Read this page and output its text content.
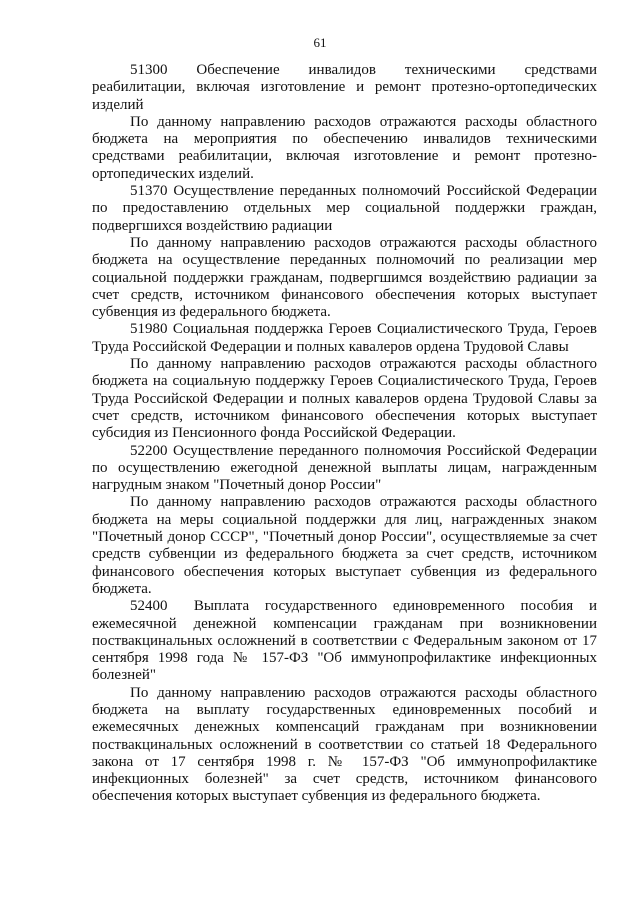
61

51300     Обеспечение     инвалидов     техническими     средствами реабилитации, включая изготовление и ремонт протезно-ортопедических изделий

По данному направлению расходов отражаются расходы областного бюджета на мероприятия по обеспечению инвалидов техническими средствами реабилитации, включая изготовление и ремонт протезно-ортопедических изделий.

51370 Осуществление переданных полномочий Российской Федерации по предоставлению отдельных мер социальной поддержки граждан, подвергшихся воздействию радиации

По данному направлению расходов отражаются расходы областного бюджета на осуществление переданных полномочий по реализации мер социальной поддержки гражданам, подвергшимся воздействию радиации за счет средств, источником финансового обеспечения которых выступает субвенция из федерального бюджета.

51980 Социальная поддержка Героев Социалистического Труда, Героев Труда Российской Федерации и полных кавалеров ордена Трудовой Славы

По данному направлению расходов отражаются расходы областного бюджета на социальную поддержку Героев Социалистического Труда, Героев Труда Российской Федерации и полных кавалеров ордена Трудовой Славы за счет средств, источником финансового обеспечения которых выступает субсидия из Пенсионного фонда Российской Федерации.

52200 Осуществление переданного полномочия Российской Федерации по осуществлению ежегодной денежной выплаты лицам, награжденным нагрудным знаком "Почетный донор России"

По данному направлению расходов отражаются расходы областного бюджета на меры социальной поддержки для лиц, награжденных знаком "Почетный донор СССР", "Почетный донор России", осуществляемые за счет средств субвенции из федерального бюджета за счет средств, источником финансового обеспечения которых выступает субвенция из федерального бюджета.

52400     Выплата   государственного   единовременного   пособия   и ежемесячной денежной компенсации гражданам при возникновении поствакцинальных осложнений в соответствии с Федеральным законом от 17 сентября 1998 года № 157-ФЗ "Об иммунопрофилактике инфекционных болезней"

По данному направлению расходов отражаются расходы областного бюджета на выплату государственных единовременных пособий и ежемесячных денежных компенсаций гражданам при возникновении поствакцинальных осложнений в соответствии со статьей 18 Федерального закона от 17 сентября 1998 г. № 157-ФЗ "Об иммунопрофилактике инфекционных болезней" за счет средств, источником финансового обеспечения которых выступает субвенция из федерального бюджета.
